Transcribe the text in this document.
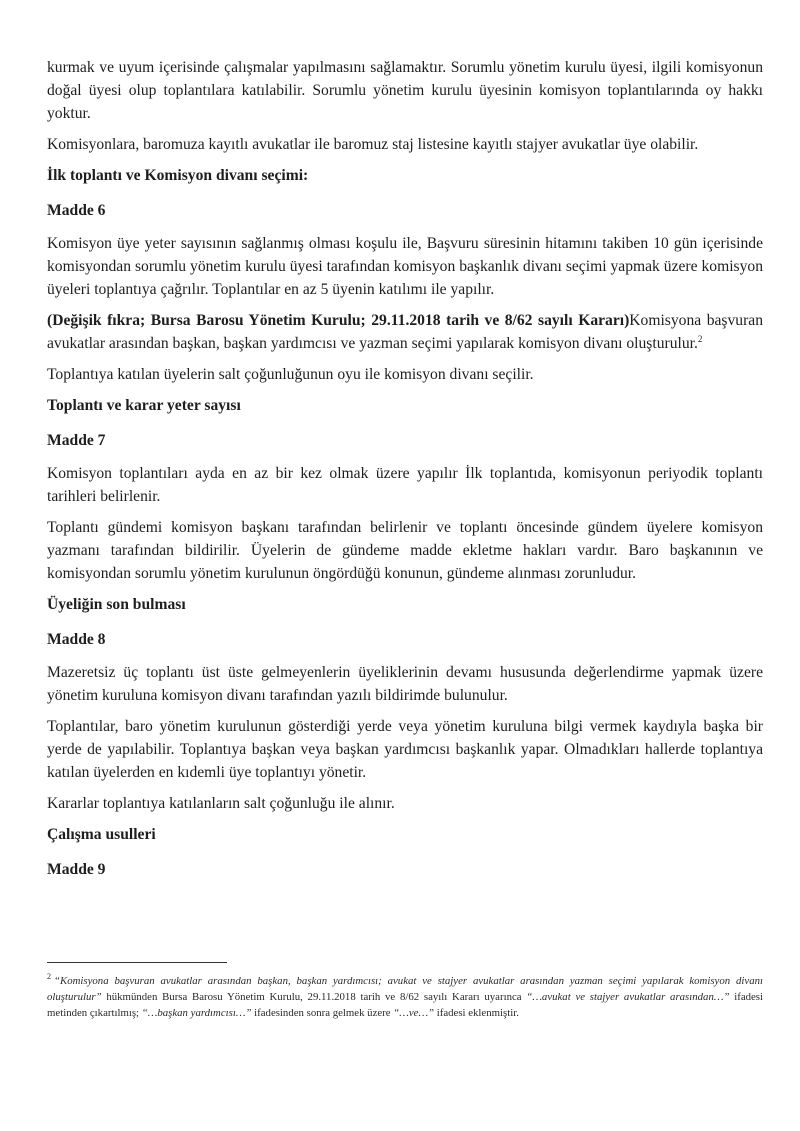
kurmak ve uyum içerisinde çalışmalar yapılmasını sağlamaktır. Sorumlu yönetim kurulu üyesi, ilgili komisyonun doğal üyesi olup toplantılara katılabilir. Sorumlu yönetim kurulu üyesinin komisyon toplantılarında oy hakkı yoktur.

Komisyonlara, baromuza kayıtlı avukatlar ile baromuz staj listesine kayıtlı stajyer avukatlar üye olabilir.

İlk toplantı ve Komisyon divanı seçimi:
Madde 6

Komisyon üye yeter sayısının sağlanmış olması koşulu ile, Başvuru süresinin hitamını takiben 10 gün içerisinde komisyondan sorumlu yönetim kurulu üyesi tarafından komisyon başkanlık divanı seçimi yapmak üzere komisyon üyeleri toplantıya çağrılır. Toplantılar en az 5 üyenin katılımı ile yapılır.

(Değişik fıkra; Bursa Barosu Yönetim Kurulu; 29.11.2018 tarih ve 8/62 sayılı Kararı)Komisyona başvuran avukatlar arasından başkan, başkan yardımcısı ve yazman seçimi yapılarak komisyon divanı oluşturulur.$^2$

Toplantıya katılan üyelerin salt çoğunluğunun oyu ile komisyon divanı seçilir.

Toplantı ve karar yeter sayısı
Madde 7

Komisyon toplantıları ayda en az bir kez olmak üzere yapılır İlk toplantıda, komisyonun periyodik toplantı tarihleri belirlenir.

Toplantı gündemi komisyon başkanı tarafından belirlenir ve toplantı öncesinde gündem üyelere komisyon yazmanı tarafından bildirilir. Üyelerin de gündeme madde ekletme hakları vardır. Baro başkanının ve komisyondan sorumlu yönetim kurulunun öngördüğü konunun, gündeme alınması zorunludur.

Üyeliğin son bulması
Madde 8

Mazeretsiz üç toplantı üst üste gelmeyenlerin üyeliklerinin devamı hususunda değerlendirme yapmak üzere yönetim kuruluna komisyon divanı tarafından yazılı bildirimde bulunulur.

Toplantılar, baro yönetim kurulunun gösterdiği yerde veya yönetim kuruluna bilgi vermek kaydıyla başka bir yerde de yapılabilir. Toplantıya başkan veya başkan yardımcısı başkanlık yapar. Olmadıkları hallerde toplantıya katılan üyelerden en kıdemli üye toplantıyı yönetir.

Kararlar toplantıya katılanların salt çoğunluğu ile alınır.

Çalışma usulleri
Madde 9
$^2$ “Komisyona başvuran avukatlar arasından başkan, başkan yardımcısı; avukat ve stajyer avukatlar arasından yazman seçimi yapılarak komisyon divanı oluşturulur” hükmünden Bursa Barosu Yönetim Kurulu, 29.11.2018 tarih ve 8/62 sayılı Kararı uyarınca “…avukat ve stajyer avukatlar arasından…” ifadesi metinden çıkartılmış; “…başkan yardımcısı…” ifadesinden sonra gelmek üzere “…ve…” ifadesi eklenmiştir.
